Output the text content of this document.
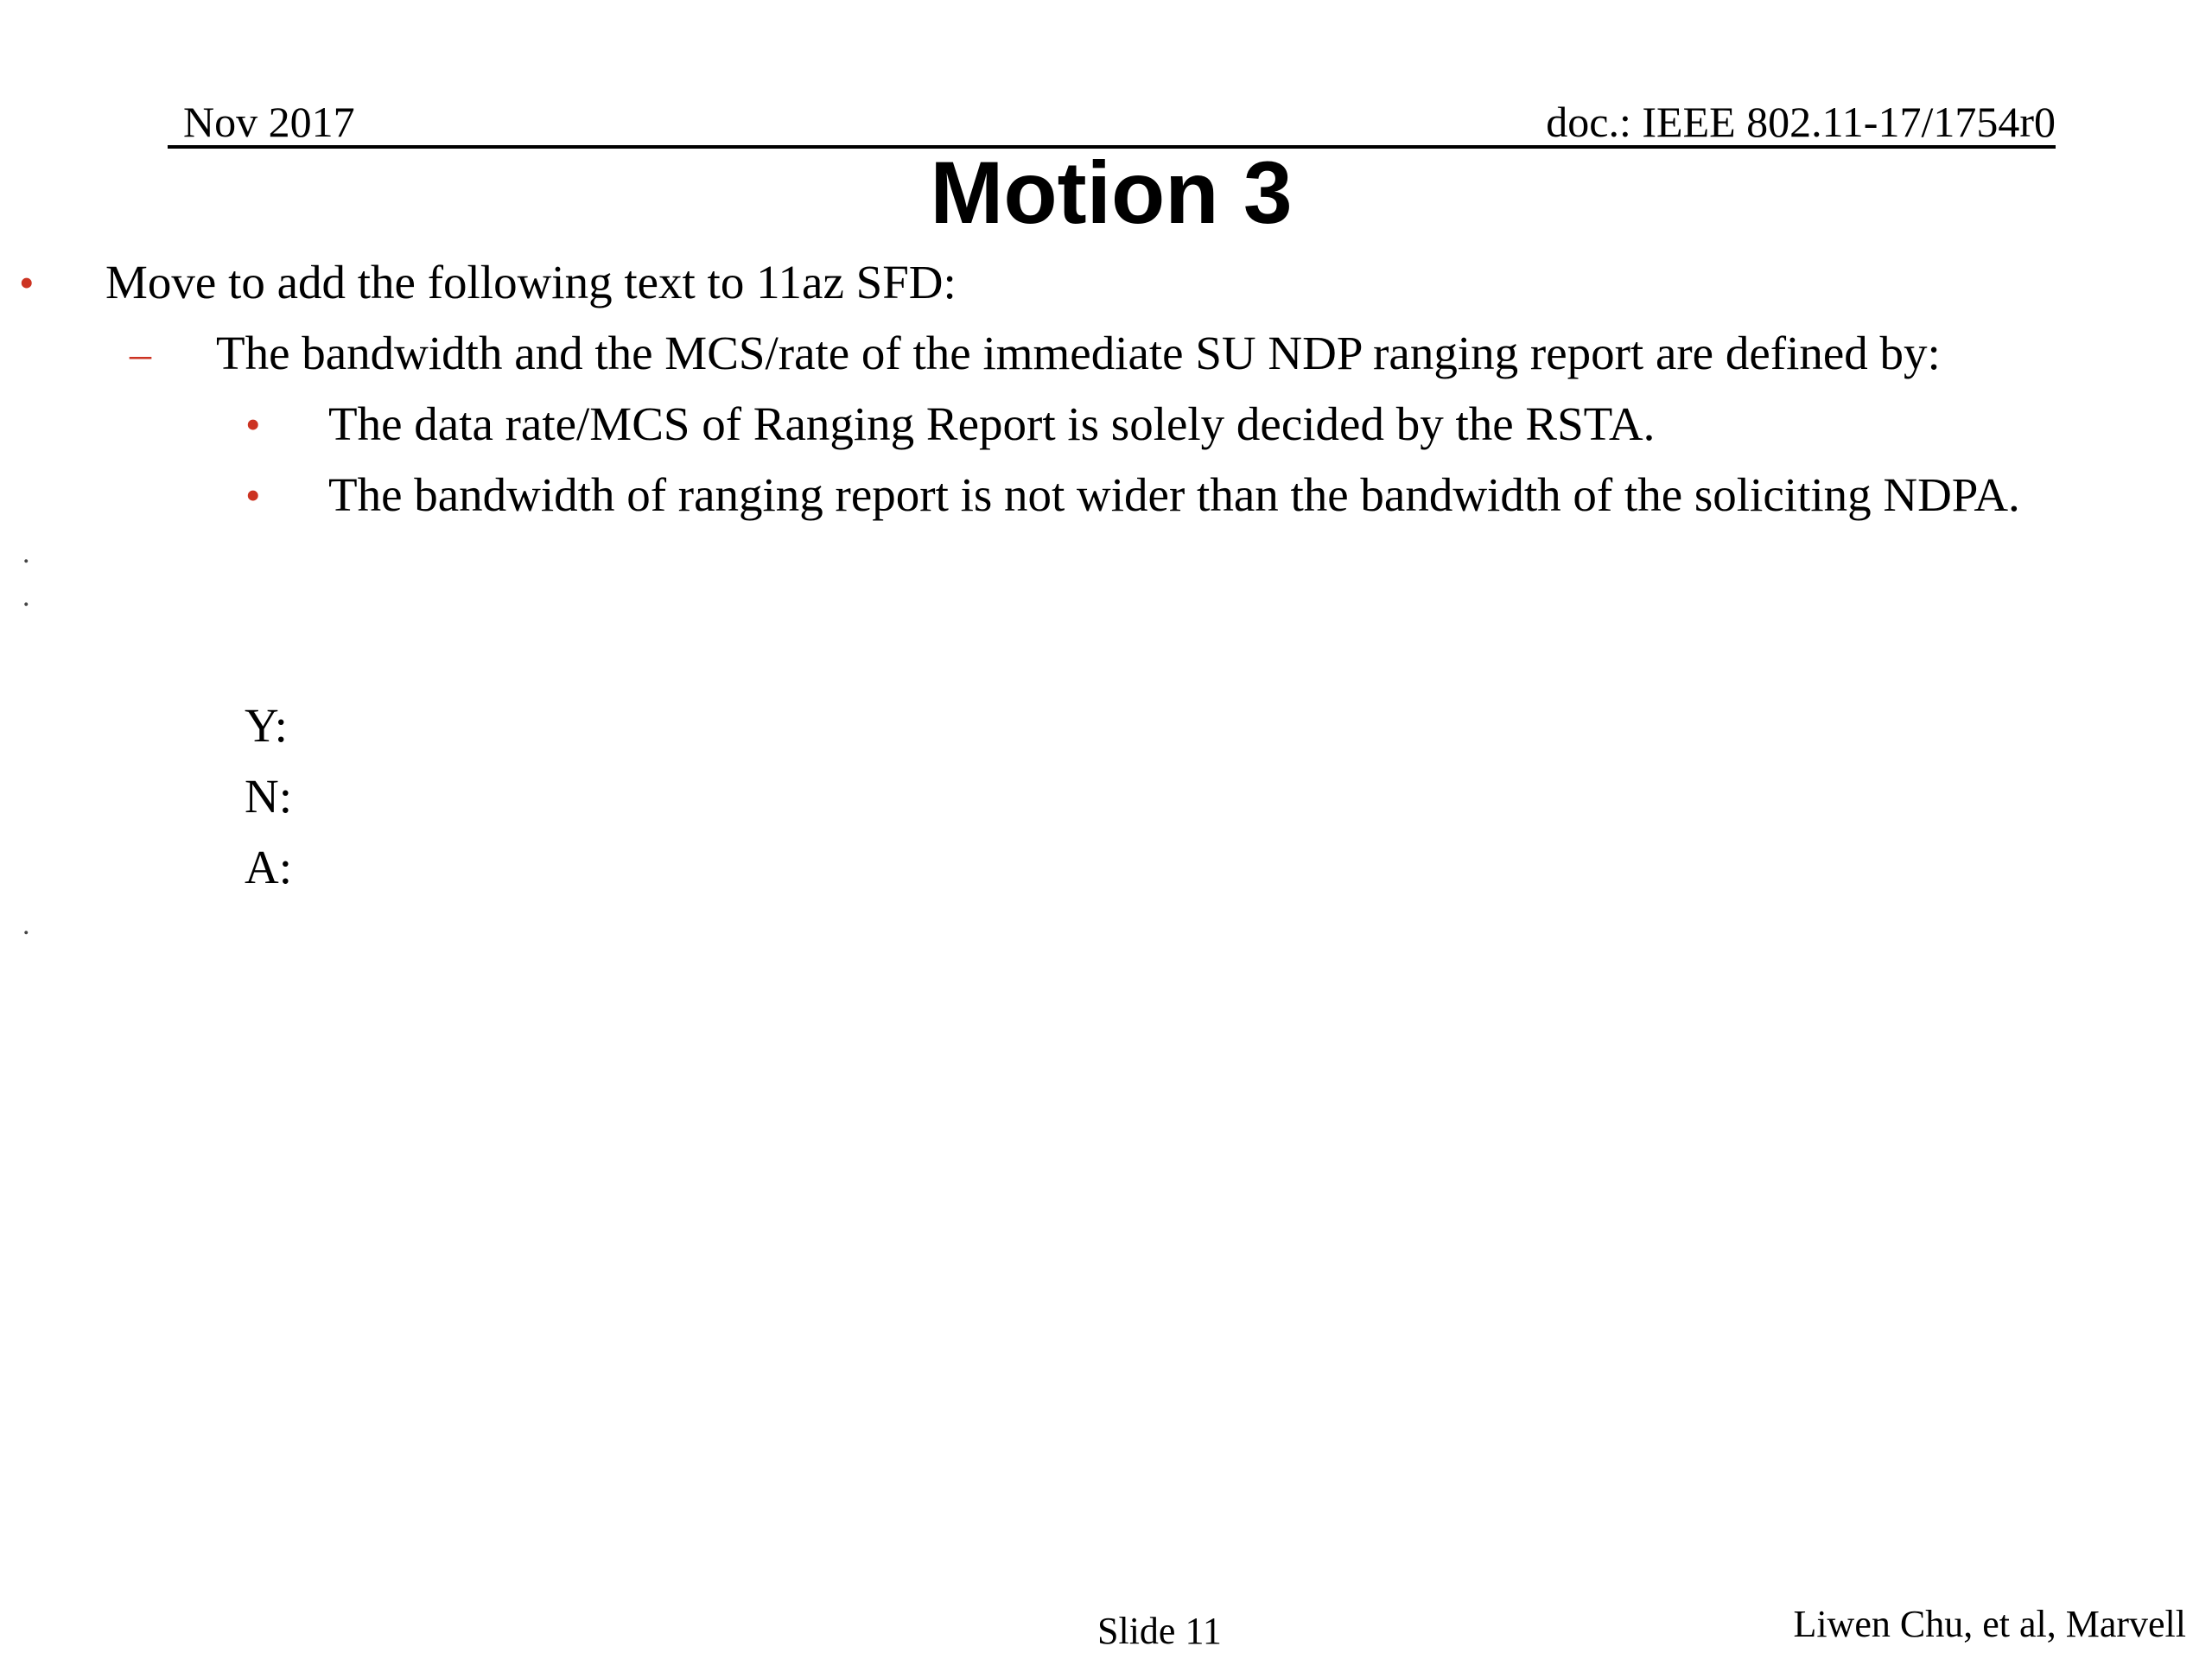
Nov 2017	doc.: IEEE 802.11-17/1754r0
Motion 3
• Move to add the following text to 11az SFD:
– The bandwidth and the MCS/rate of the immediate SU NDP ranging report are defined by:
• The data rate/MCS of Ranging Report is solely decided by the RSTA.
• The bandwidth of ranging report is not wider than the bandwidth of the soliciting NDPA.
.
.
.
Y:
N:
A:
Slide 11	Liwen Chu, et al, Marvell
